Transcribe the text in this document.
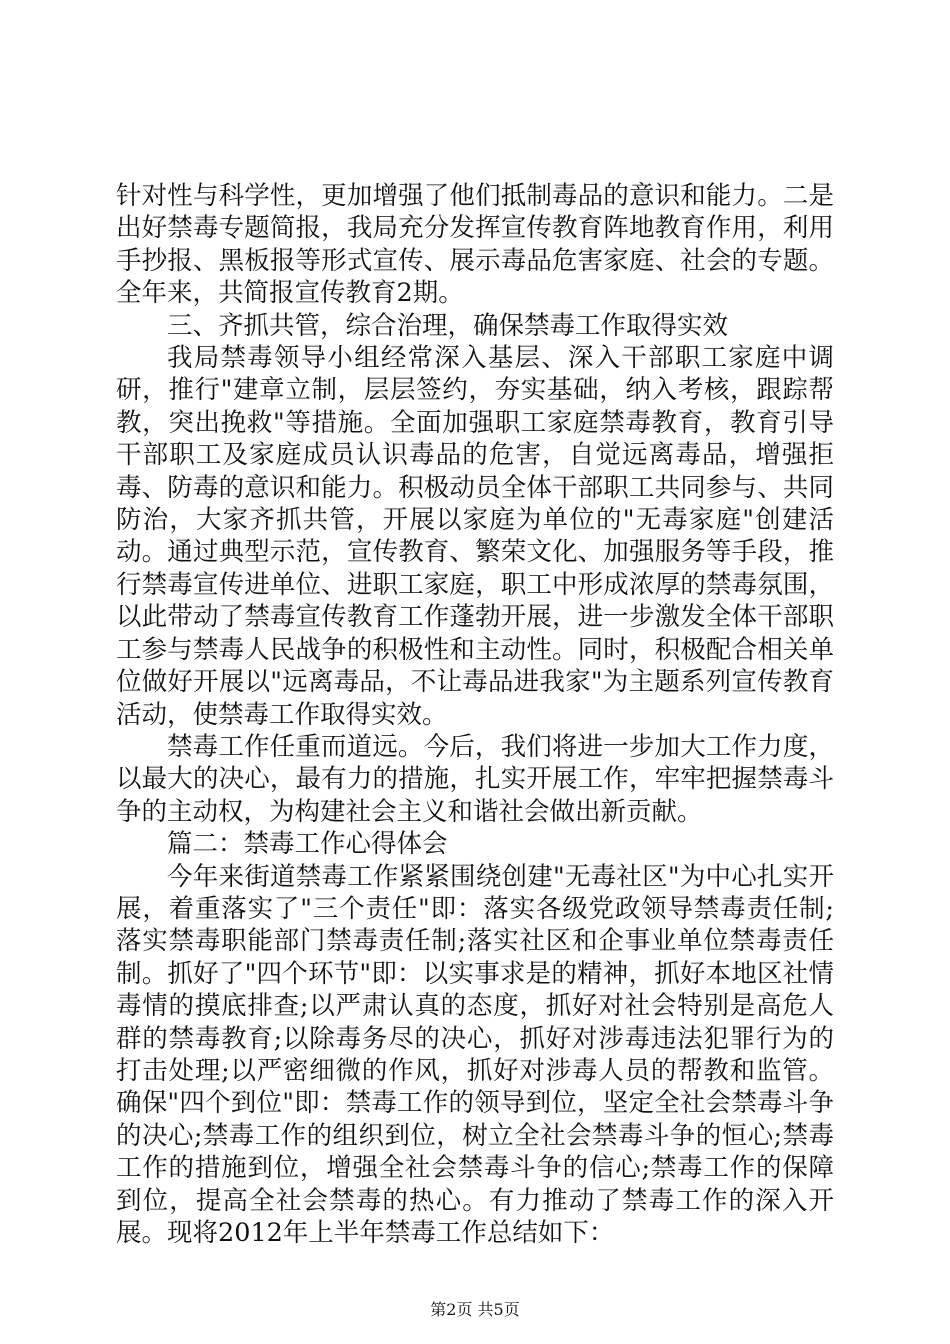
针对性与科学性，更加增强了他们抵制毒品的意识和能力。二是出好禁毒专题简报，我局充分发挥宣传教育阵地教育作用，利用手抄报、黑板报等形式宣传、展示毒品危害家庭、社会的专题。全年来，共简报宣传教育2期。

三、齐抓共管，综合治理，确保禁毒工作取得实效

我局禁毒领导小组经常深入基层、深入干部职工家庭中调研，推行"建章立制，层层签约，夯实基础，纳入考核，跟踪帮教，突出挽救"等措施。全面加强职工家庭禁毒教育，教育引导干部职工及家庭成员认识毒品的危害，自觉远离毒品，增强拒毒、防毒的意识和能力。积极动员全体干部职工共同参与、共同防治，大家齐抓共管，开展以家庭为单位的"无毒家庭"创建活动。通过典型示范，宣传教育、繁荣文化、加强服务等手段，推行禁毒宣传进单位、进职工家庭，职工中形成浓厚的禁毒氛围，以此带动了禁毒宣传教育工作蓬勃开展，进一步激发全体干部职工参与禁毒人民战争的积极性和主动性。同时，积极配合相关单位做好开展以"远离毒品，不让毒品进我家"为主题系列宣传教育活动，使禁毒工作取得实效。

禁毒工作任重而道远。今后，我们将进一步加大工作力度，以最大的决心，最有力的措施，扎实开展工作，牢牢把握禁毒斗争的主动权，为构建社会主义和谐社会做出新贡献。

篇二：禁毒工作心得体会

今年来街道禁毒工作紧紧围绕创建"无毒社区"为中心扎实开展，着重落实了"三个责任"即：落实各级党政领导禁毒责任制;落实禁毒职能部门禁毒责任制;落实社区和企事业单位禁毒责任制。抓好了"四个环节"即：以实事求是的精神，抓好本地区社情毒情的摸底排查;以严肃认真的态度，抓好对社会特别是高危人群的禁毒教育;以除毒务尽的决心，抓好对涉毒违法犯罪行为的打击处理;以严密细微的作风，抓好对涉毒人员的帮教和监管。确保"四个到位"即：禁毒工作的领导到位，坚定全社会禁毒斗争的决心;禁毒工作的组织到位，树立全社会禁毒斗争的恒心;禁毒工作的措施到位，增强全社会禁毒斗争的信心;禁毒工作的保障到位，提高全社会禁毒的热心。有力推动了禁毒工作的深入开展。现将2012年上半年禁毒工作总结如下：

第2页 共5页
